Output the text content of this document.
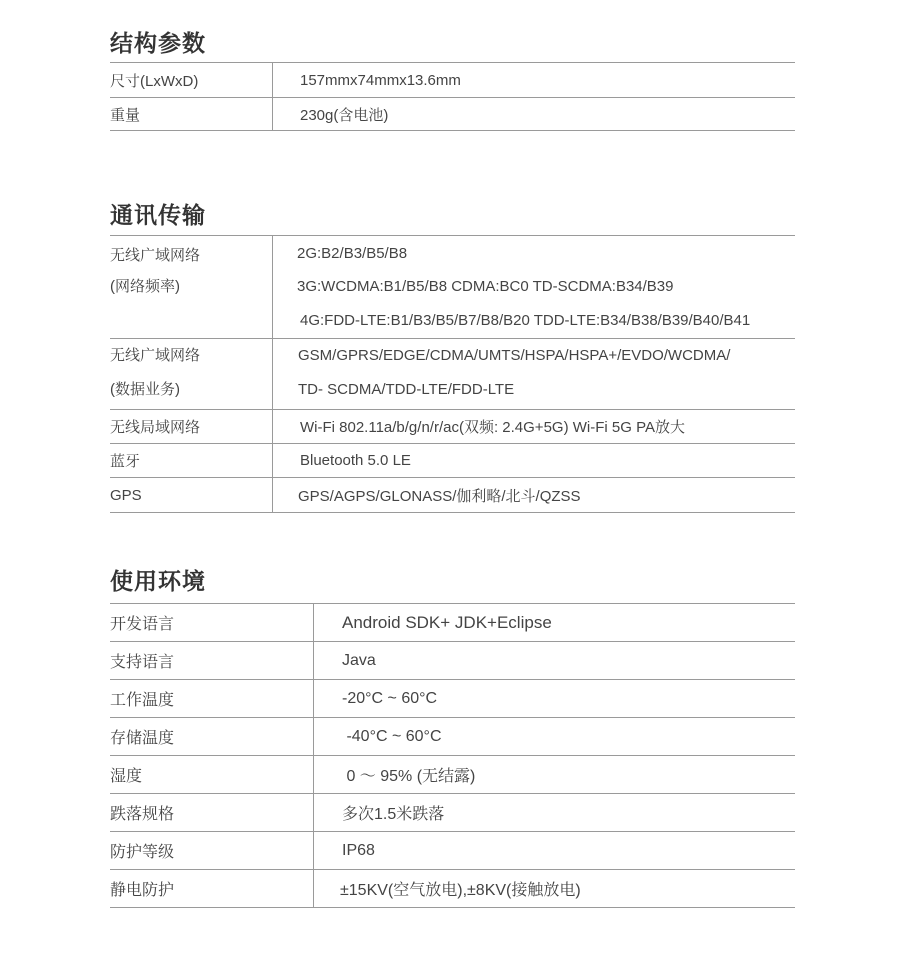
结构参数
尺寸(LxWxD)	157mmx74mmx13.6mm
重量	230g(含电池)
通讯传输
无线广域网络
(网络频率)	2G:B2/B3/B5/B8
3G:WCDMA:B1/B5/B8 CDMA:BC0 TD-SCDMA:B34/B39
4G:FDD-LTE:B1/B3/B5/B7/B8/B20 TDD-LTE:B34/B38/B39/B40/B41

无线广域网络
(数据业务)	GSM/GPRS/EDGE/CDMA/UMTS/HSPA/HSPA+/EVDO/WCDMA/
TD- SCDMA/TDD-LTE/FDD-LTE

无线局域网络	Wi-Fi 802.11a/b/g/n/r/ac(双频: 2.4G+5G) Wi-Fi 5G PA放大
蓝牙	Bluetooth 5.0 LE
GPS	GPS/AGPS/GLONASS/伽利略/北斗/QZSS
使用环境
开发语言	Android SDK+ JDK+Eclipse
支持语言	Java
工作温度	-20°C ~ 60°C
存储温度	-40°C ~ 60°C
湿度	0 ～ 95% (无结露)
跌落规格	多次1.5米跌落
防护等级	IP68
静电防护	±15KV(空气放电),±8KV(接触放电)
